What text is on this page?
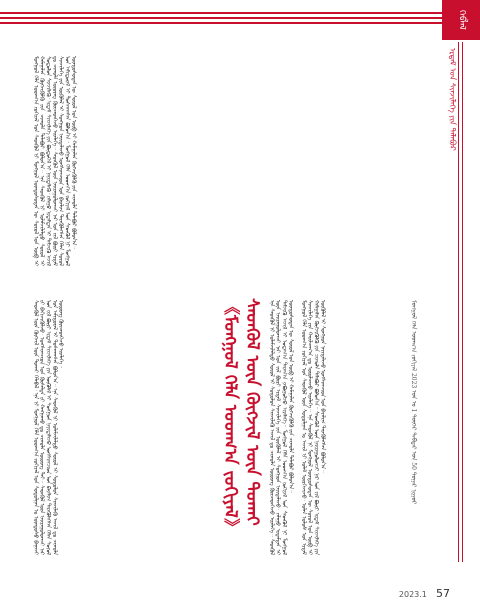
ᠬᠡᠪᠯᠡᠯ

ᠡᠷᠳᠡᠮ ᠤᠨ ᠰᠢᠨᠵᠢᠯᠡᠭᠡ ᠶᠢᠨ ᠲᠠᠯᠠᠪᠤᠷ

ᠮᠣᠩᠭᠣᠯ ᠬᠡᠯᠡ ᠤᠳᠬ᠎ᠠ ᠵᠣᠬᠢᠶᠠᠯ ᠤᠨ ᠰᠡᠳᠬᠦᠯ ᠨᠢ ᠮᠣᠩᠭᠣᠯ ᠦᠨᠳᠦᠰᠦᠲᠡᠨ ᠦ ᠰᠣᠶᠤᠯ ᠤᠨ ᠥᠪ ᠢ ᠬᠠᠮᠠᠭᠠᠯᠠᠨ ᠬᠥᠭᠵᠢᠭᠦᠯᠬᠦ ᠶᠢᠨ ᠴᠢᠬᠤᠯᠠ ᠲᠠᠯᠠᠪᠤᠷ ᠪᠣᠯᠤᠨ᠎ᠠ᠃ ᠡᠨᠡ ᠰᠡᠳᠬᠦᠯ ᠨᠢ ᠤᠯᠠᠮᠵᠢᠯᠠᠯᠲᠤ ᠰᠣᠶᠤᠯ ᠢ ᠰᠤᠳᠤᠯᠤᠨ ᠰᠢᠨᠵᠢᠯᠡᠬᠦ᠂ ᠡᠷᠳᠡᠮ ᠰᠢᠨᠵᠢᠯᠡᠭᠡ ᠶᠢᠨ ᠪᠦᠲᠦᠭᠡᠯ ᠢ ᠨᠡᠶᠢᠲᠡᠯᠡᠬᠦ᠂ ᠵᠠᠯᠠᠭᠤ ᠡᠷᠳᠡᠮᠲᠡᠨ ᠢ ᠳᠡᠮᠵᠢᠬᠦ ᠠᠵᠢᠯ ᠳᠤ ᠴᠢᠬᠤᠯᠠ ᠦᠦᠷᠡᠭ ᠭᠦᠢᠴᠡᠳᠭᠡᠵᠦ ᠢᠷᠡᠯᠡᠭᠡ᠃ ᠰᠡᠳᠬᠦᠯ ᠦᠨ ᠨᠠᠢᠷᠠᠭᠤᠯᠤᠭᠴᠢ ᠨᠠᠷ ᠣᠨ ᠵᠢᠯ ᠪᠦᠷᠢ ᠡᠷᠳᠡᠮ ᠰᠢᠨᠵᠢᠯᠡᠭᠡ ᠶᠢᠨ ᠥᠭᠦᠯᠡᠯ ᠢ ᠰᠣᠩᠭᠣᠨ ᠨᠡᠶᠢᠲᠡᠯᠡᠵᠦ ᠤᠩᠰᠢᠭᠴᠢᠳ ᠤᠨ ᠪᠠᠶᠠᠯᠢᠭ ᠲᠡᠷᠡᠭᠦᠯᠡᠭᠰᠡᠨ ᠬᠡᠯᠡᠨ ᠰᠣᠶᠤᠯ ᠤᠨ ᠠᠮᠢᠳᠤᠷᠠᠯ ᠢ ᠲᠤᠰᠬᠠᠭᠰᠠᠨ ᠪᠣᠯᠤᠨ᠎ᠠ᠃ ᠮᠣᠩᠭᠣᠯ ᠬᠡᠯᠡ ᠤᠳᠬ᠎ᠠ ᠵᠣᠬᠢᠶᠠᠯ ᠤᠨ ᠰᠡᠳᠬᠦᠯ ᠨᠢ ᠮᠣᠩᠭᠣᠯ ᠦᠨᠳᠦᠰᠦᠲᠡᠨ ᠦ ᠰᠣᠶᠤᠯ ᠤᠨ ᠥᠪ ᠢ ᠬᠠᠮᠠᠭᠠᠯᠠᠨ ᠬᠥᠭᠵᠢᠭᠦᠯᠬᠦ ᠶᠢᠨ ᠴᠢᠬᠤᠯᠠ ᠲᠠᠯᠠᠪᠤᠷ ᠪᠣᠯᠤᠨ᠎ᠠ᠃

《ᠮᠣᠩᠭᠣᠯ ᠬᠡᠯᠡ ᠤᠳᠬ᠎ᠠ ᠵᠣᠬᠢᠶᠠᠯ》 ᠰᠡᠳᠬᠦᠯ ᠦᠨ ᠬᠥᠭᠵᠢᠯ ᠦᠨ ᠲᠤᠬᠠᠢ ᠡᠨᠡ ᠰᠡᠳᠬᠦᠯ ᠨᠢ ᠤᠯᠠᠮᠵᠢᠯᠠᠯᠲᠤ ᠰᠣᠶᠤᠯ ᠢ ᠰᠤᠳᠤᠯᠤᠨ ᠰᠢᠨᠵᠢᠯᠡᠬᠦ ᠠᠵᠢᠯ ᠳᠤ ᠴᠢᠬᠤᠯᠠ ᠦᠦᠷᠡᠭ ᠭᠦᠢᠴᠡᠳᠭᠡᠵᠦ ᠢᠷᠡᠯᠡᠭᠡ᠃ ᠰᠡᠳᠬᠦᠯ ᠦᠨ ᠨᠠᠢᠷᠠᠭᠤᠯᠤᠭᠴᠢ ᠨᠠᠷ ᠣᠨ ᠵᠢᠯ ᠪᠦᠷᠢ ᠡᠷᠳᠡᠮ ᠰᠢᠨᠵᠢᠯᠡᠭᠡ ᠶᠢᠨ ᠥᠭᠦᠯᠡᠯ ᠢ ᠰᠣᠩᠭᠣᠨ ᠨᠡᠶᠢᠲᠡᠯᠡᠵᠦ᠂ ᠵᠠᠯᠠᠭᠤ ᠡᠷᠳᠡᠮᠲᠡᠨ ᠢ ᠳᠡᠮᠵᠢᠬᠦ ᠠᠵᠢᠯ ᠢ ᠤᠳᠠᠭ᠎ᠠ ᠳᠠᠷᠠᠭ᠎ᠠ ᠶᠠᠪᠤᠭᠤᠯᠵᠤ ᠢᠷᠡᠯᠡᠭᠡ᠃ ᠮᠣᠩᠭᠣᠯ ᠬᠡᠯᠡ ᠤᠳᠬ᠎ᠠ ᠵᠣᠬᠢᠶᠠᠯ ᠤᠨ ᠰᠡᠳᠬᠦᠯ ᠨᠢ ᠮᠣᠩᠭᠣᠯ ᠦᠨᠳᠦᠰᠦᠲᠡᠨ ᠦ ᠰᠣᠶᠤᠯ ᠤᠨ ᠥᠪ ᠢ ᠬᠠᠮᠠᠭᠠᠯᠠᠨ ᠬᠥᠭᠵᠢᠭᠦᠯᠬᠦ ᠶᠢᠨ ᠴᠢᠬᠤᠯᠠ ᠲᠠᠯᠠᠪᠤᠷ ᠪᠣᠯᠤᠨ᠎ᠠ᠃

ᠰᠡᠳᠬᠦᠯ ᠦᠨ ᠬᠥᠭᠵᠢᠯ ᠦᠨ ᠲᠤᠬᠠᠢ ᠬᠡᠯᠡᠪᠡᠯ᠂ ᠡᠨᠡ ᠨᠢ ᠮᠣᠩᠭᠣᠯ ᠬᠡᠯᠡ ᠤᠳᠬ᠎ᠠ ᠵᠣᠬᠢᠶᠠᠯ ᠤᠨ ᠰᠤᠳᠤᠯᠭᠠᠨ ᠤ ᠦᠨᠳᠦᠰᠦ ᠪᠠᠭᠠᠵᠢ ᠶᠢ ᠪᠡᠬᠢᠵᠢᠭᠦᠯᠵᠦ᠂ ᠤᠩᠰᠢᠭᠴᠢᠳ ᠤᠨ ᠬᠦᠰᠡᠯᠲᠡ ᠶᠢ ᠬᠠᠩᠭᠠᠬᠤ ᠳᠤ ᠴᠢᠬᠤᠯᠠ ᠦᠦᠷᠡᠭ ᠲᠡᠢ᠃ ᠰᠡᠳᠬᠦᠯ ᠦᠨ ᠨᠠᠢᠷᠠᠭᠤᠯᠤᠭᠴᠢ ᠨᠠᠷ ᠣᠨ ᠵᠢᠯ ᠪᠦᠷᠢ ᠡᠷᠳᠡᠮ ᠰᠢᠨᠵᠢᠯᠡᠭᠡ ᠶᠢᠨ ᠥᠭᠦᠯᠡᠯ ᠢ ᠰᠣᠩᠭᠣᠨ ᠨᠡᠶᠢᠲᠡᠯᠡᠵᠦ ᠤᠩᠰᠢᠭᠴᠢᠳ ᠤᠨ ᠪᠠᠶᠠᠯᠢᠭ ᠲᠡᠷᠡᠭᠦᠯᠡᠭᠰᠡᠨ ᠬᠡᠯᠡᠨ ᠰᠣᠶᠤᠯ ᠤᠨ ᠠᠮᠢᠳᠤᠷᠠᠯ ᠢ ᠲᠤᠰᠬᠠᠭᠰᠠᠨ ᠪᠣᠯᠤᠨ᠎ᠠ᠃ ᠡᠨᠡ ᠰᠡᠳᠬᠦᠯ ᠨᠢ ᠤᠯᠠᠮᠵᠢᠯᠠᠯᠲᠤ ᠰᠣᠶᠤᠯ ᠢ ᠰᠤᠳᠤᠯᠤᠨ ᠰᠢᠨᠵᠢᠯᠡᠬᠦ ᠠᠵᠢᠯ ᠳᠤ ᠴᠢᠬᠤᠯᠠ ᠦᠦᠷᠡᠭ ᠭᠦᠢᠴᠡᠳᠭᠡᠵᠦ ᠢᠷᠡᠯᠡᠭᠡ᠃	ᠮᠣᠩᠭᠣᠯ ᠬᠡᠯᠡ ᠤᠳᠬ᠎ᠠ ᠵᠣᠬᠢᠶᠠᠯ 2023 ᠣᠨ ᠤ 1 ᠳᠦᠭᠡᠷ ᠳᠡᠪᠲᠡᠷ ᠤᠨ 50 ᠳᠤᠭᠠᠷ ᠨᠢᠭᠤᠷ

ᠮᠣᠩᠭᠣᠯ ᠬᠡᠯᠡ ᠤᠳᠬ᠎ᠠ ᠵᠣᠬᠢᠶᠠᠯ ᠤᠨ ᠰᠡᠳᠬᠦᠯ ᠦᠨ ᠰᠤᠳᠤᠯᠭᠠᠨ ᠤ ᠠᠵᠢᠯ ᠨᠢ ᠤᠯᠠᠮ ᠥᠷᠭᠡᠵᠢᠵᠦ᠂ ᠣᠯᠠᠨ ᠤᠯᠤᠰ ᠤᠨ ᠡᠷᠳᠡᠮ ᠰᠢᠨᠵᠢᠯᠡᠭᠡ ᠶᠢᠨ ᠬᠠᠷᠢᠯᠴᠠᠭ᠎ᠠ ᠳᠤ ᠣᠷᠣᠯᠴᠠᠵᠤ ᠢᠷᠡᠯᠡᠭᠡ᠃ ᠡᠨᠡ ᠰᠡᠳᠬᠦᠯ ᠨᠢ ᠮᠣᠩᠭᠣᠯ ᠦᠨᠳᠦᠰᠦᠲᠡᠨ ᠦ ᠰᠣᠶᠤᠯ ᠤᠨ ᠥᠪ ᠢ ᠬᠠᠮᠠᠭᠠᠯᠠᠨ ᠬᠥᠭᠵᠢᠭᠦᠯᠬᠦ ᠶᠢᠨ ᠴᠢᠬᠤᠯᠠ ᠲᠠᠯᠠᠪᠤᠷ ᠪᠣᠯᠤᠨ᠎ᠠ᠃ ᠰᠡᠳᠬᠦᠯ ᠦᠨ ᠨᠠᠢᠷᠠᠭᠤᠯᠤᠭᠴᠢ ᠨᠠᠷ ᠣᠨ ᠵᠢᠯ ᠪᠦᠷᠢ ᠡᠷᠳᠡᠮ ᠰᠢᠨᠵᠢᠯᠡᠭᠡ ᠶᠢᠨ ᠥᠭᠦᠯᠡᠯ ᠢ ᠰᠣᠩᠭᠣᠨ ᠨᠡᠶᠢᠲᠡᠯᠡᠵᠦ ᠤᠩᠰᠢᠭᠴᠢᠳ ᠤᠨ ᠪᠠᠶᠠᠯᠢᠭ ᠲᠡᠷᠡᠭᠦᠯᠡᠭᠰᠡᠨ ᠪᠣᠯᠤᠨ᠎ᠠ᠃

2023.1 57
